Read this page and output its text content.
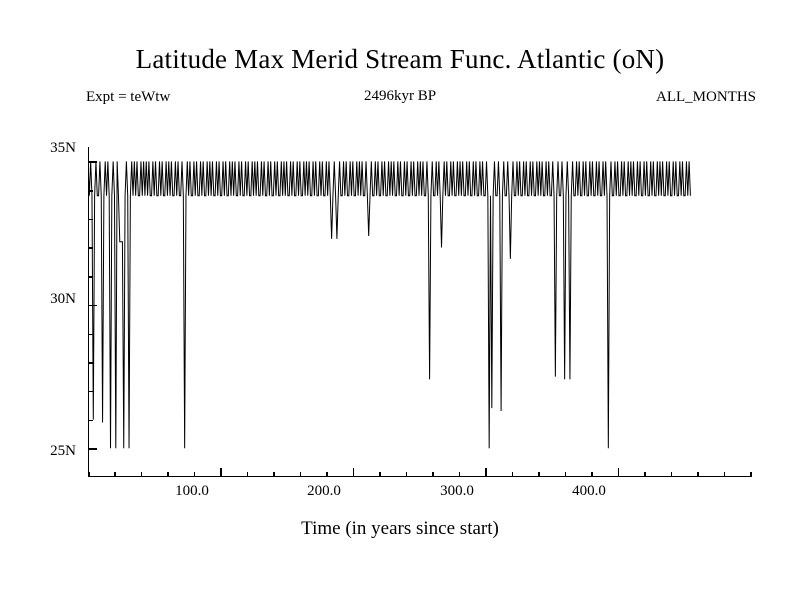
Latitude Max Merid Stream Func. Atlantic (oN)
Expt = teWtw	2496kyr BP	ALL_MONTHS
35N
30N
25N
100.0	200.0	300.0	400.0
Time (in years since start)
